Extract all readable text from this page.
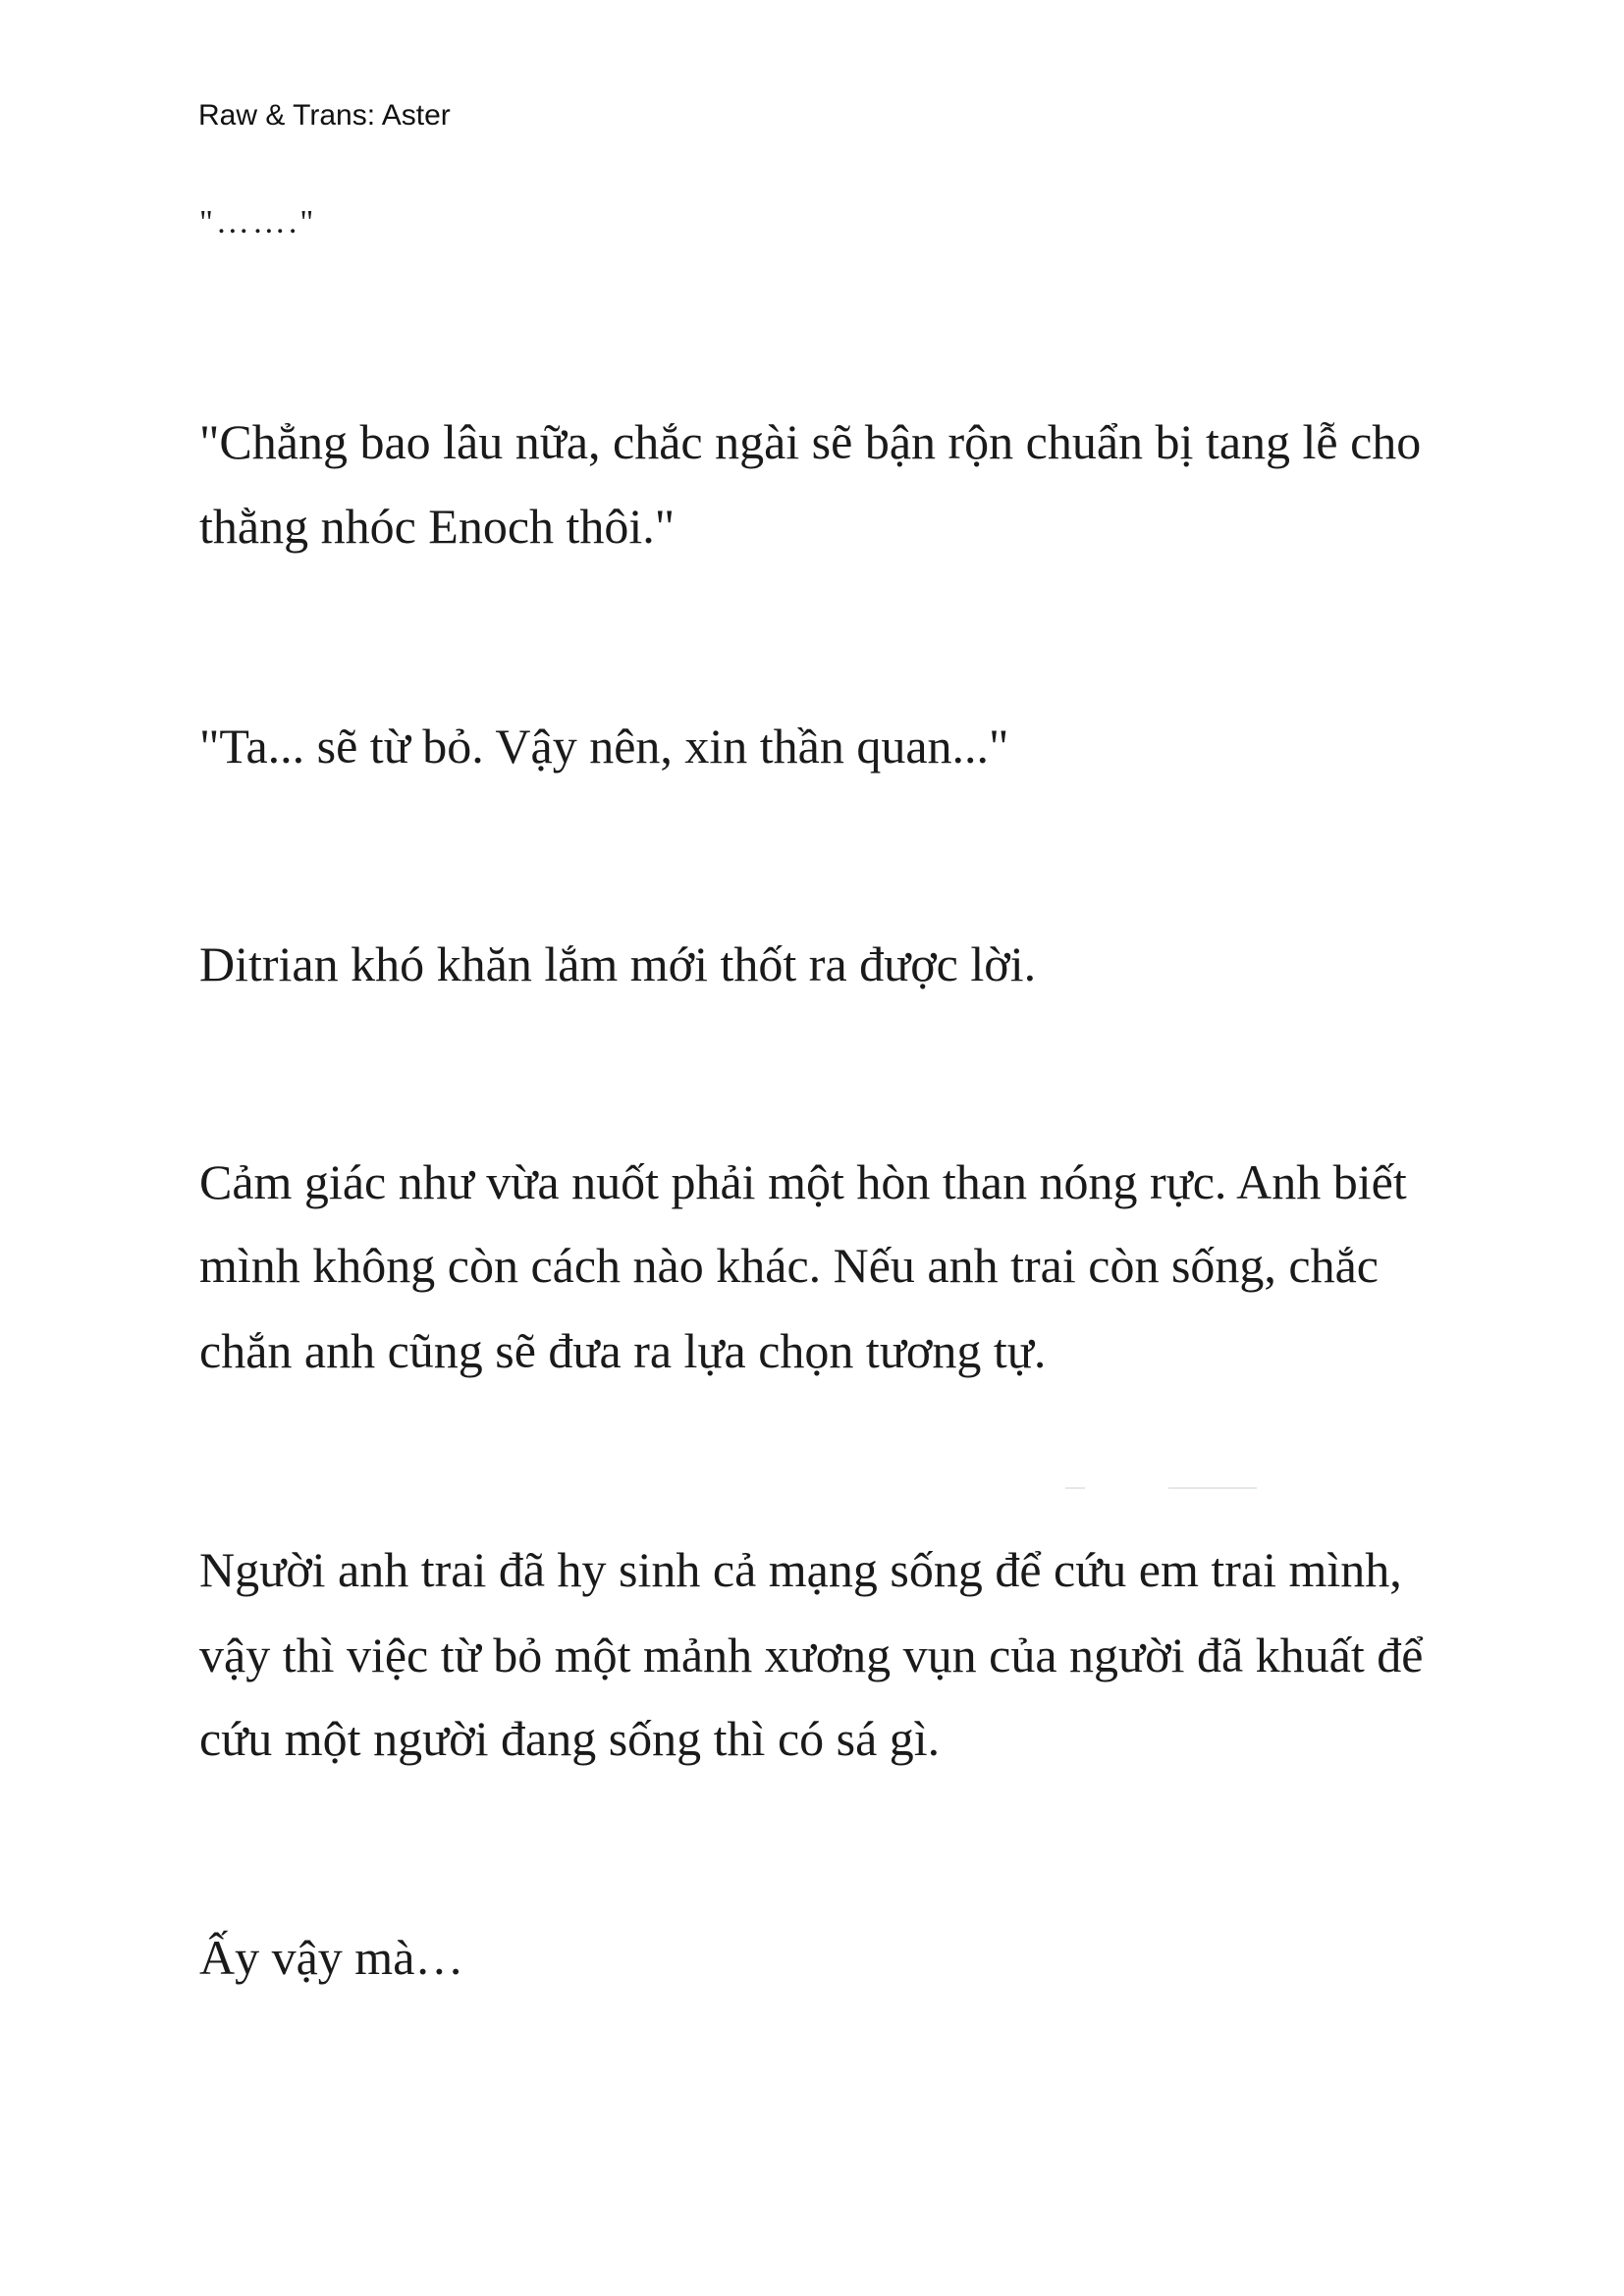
Raw & Trans: Aster
"……."
"Chẳng bao lâu nữa, chắc ngài sẽ bận rộn chuẩn bị tang lễ cho
thằng nhóc Enoch thôi."
"Ta... sẽ từ bỏ. Vậy nên, xin thần quan..."
Ditrian khó khăn lắm mới thốt ra được lời.
Cảm giác như vừa nuốt phải một hòn than nóng rực. Anh biết
mình không còn cách nào khác. Nếu anh trai còn sống, chắc
chắn anh cũng sẽ đưa ra lựa chọn tương tự.
Người anh trai đã hy sinh cả mạng sống để cứu em trai mình,
vậy thì việc từ bỏ một mảnh xương vụn của người đã khuất để
cứu một người đang sống thì có sá gì.
Ấy vậy mà…
